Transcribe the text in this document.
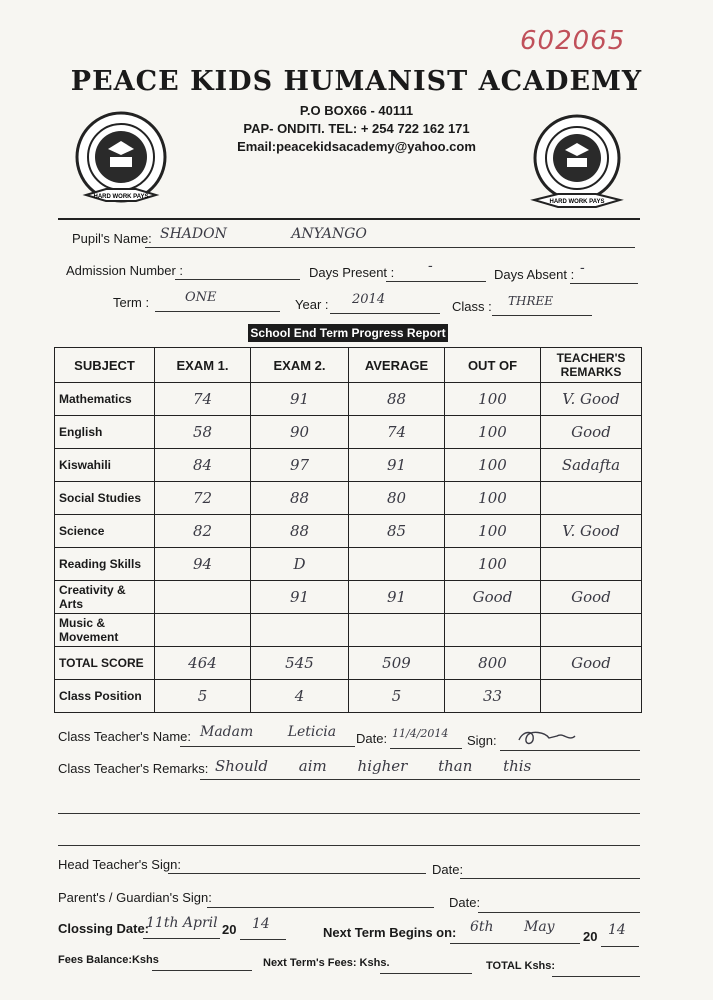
602065
PEACE KIDS HUMANIST ACADEMY
P.O BOX66 - 40111
PAP- ONDITI. TEL: + 254 722 162 171
Email:peacekidsacademy@yahoo.com
HARD WORK PAYS
HARD WORK PAYS
Pupil's Name: SHADON ANYANGO
Admission Number :	Days Present : -
Days Absent : -
Term :	ONE	Year : 2014	Class : THREE
School End Term Progress Report
SUBJECT	EXAM 1.	EXAM 2.	AVERAGE	OUT OF	TEACHER'S REMARKS
Mathematics	74	91	88	100	V. Good
English	58	90	74	100	Good
Kiswahili	84	97	91	100	Sadafta
Social Studies	72	88	80	100	
Science	82	88	85	100	V. Good
Reading Skills	94	D		100	
Creativity & Arts		91	91	Good	Good
Music & Movement					
TOTAL SCORE	464	545	509	800	Good
Class Position	5	4	5	33	
Class Teacher's Name: Madam Leticia Date: 11/4/2014 Sign:
Class Teacher's Remarks: Should aim higher than this
Head Teacher's Sign:	Date:
Parent's / Guardian's Sign:	Date:
Clossing Date:
11th April 20 14
Next Term Begins on: 6th May
20 14
Fees Balance:Kshs	Next Term's Fees: Kshs.	TOTAL Kshs:
